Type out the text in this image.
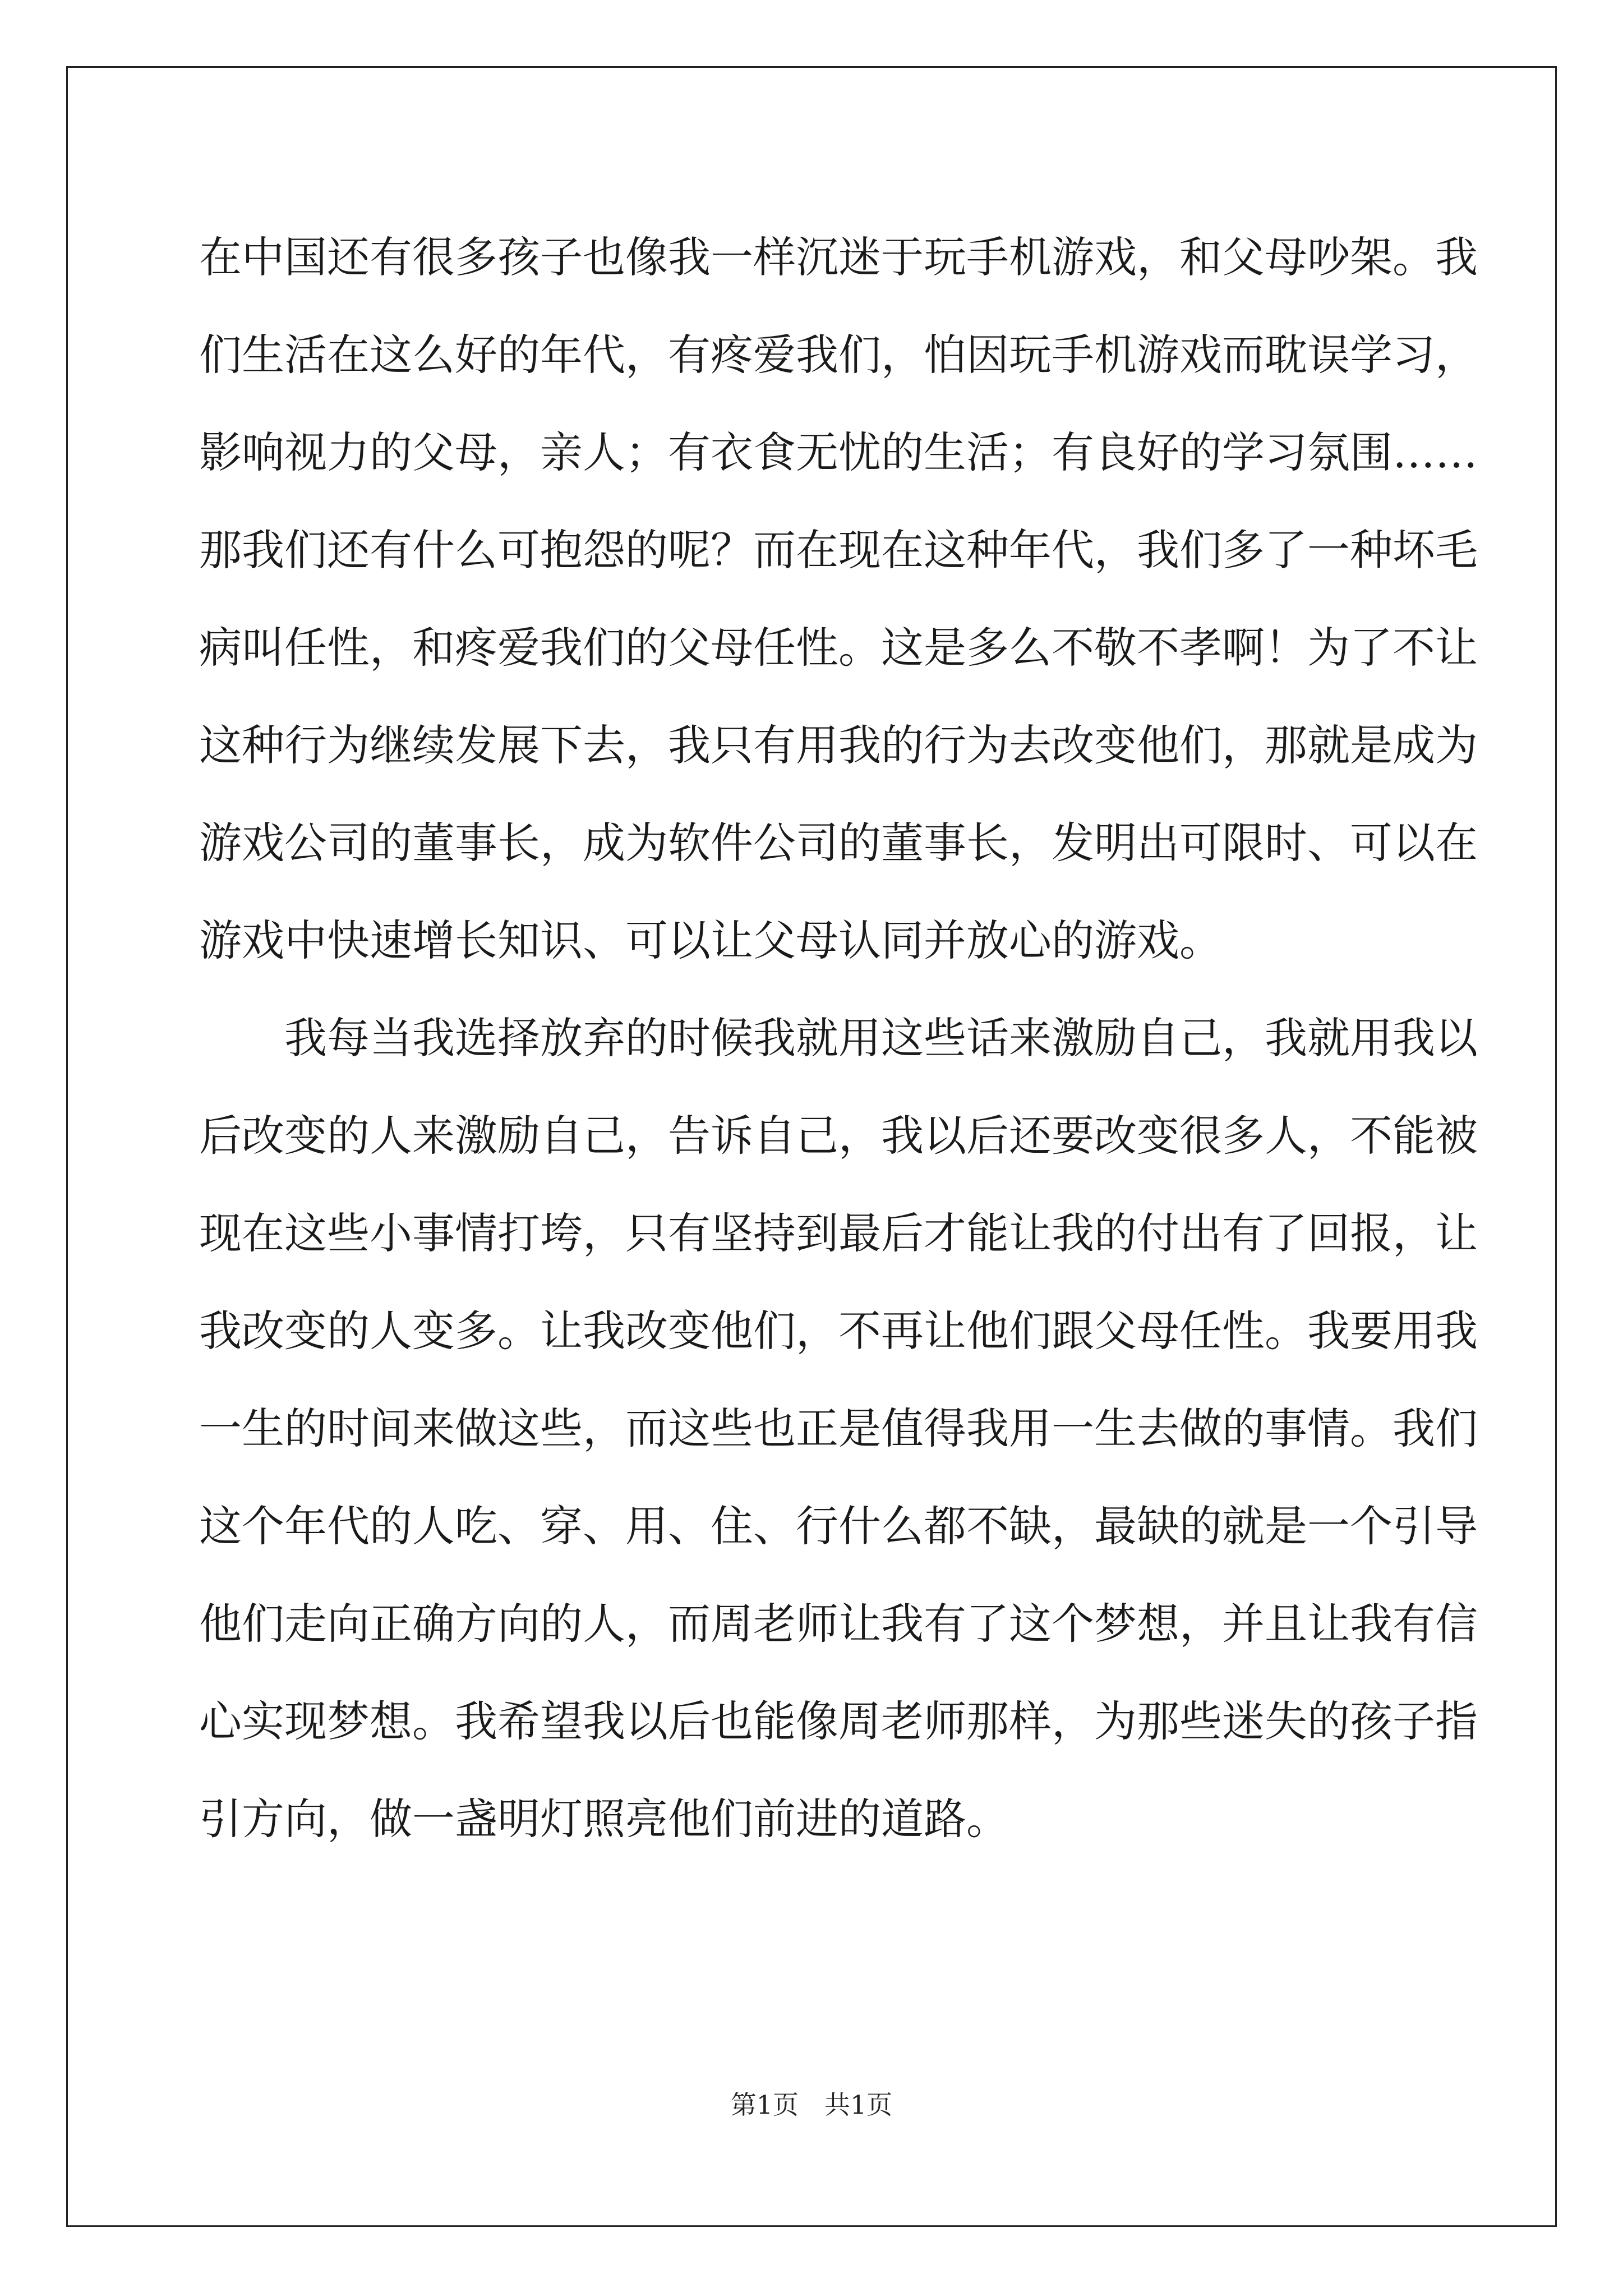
在中国还有很多孩子也像我一样沉迷于玩手机游戏，和父母吵架。我
们生活在这么好的年代，有疼爱我们，怕因玩手机游戏而耽误学习，
影响视力的父母，亲人；有衣食无忧的生活；有良好的学习氛围……
那我们还有什么可抱怨的呢？而在现在这种年代，我们多了一种坏毛
病叫任性，和疼爱我们的父母任性。这是多么不敬不孝啊！为了不让
这种行为继续发展下去，我只有用我的行为去改变他们，那就是成为
游戏公司的董事长，成为软件公司的董事长，发明出可限时、可以在
游戏中快速增长知识、可以让父母认同并放心的游戏。
我每当我选择放弃的时候我就用这些话来激励自己，我就用我以
后改变的人来激励自己，告诉自己，我以后还要改变很多人，不能被
现在这些小事情打垮，只有坚持到最后才能让我的付出有了回报，让
我改变的人变多。让我改变他们，不再让他们跟父母任性。我要用我
一生的时间来做这些，而这些也正是值得我用一生去做的事情。我们
这个年代的人吃、穿、用、住、行什么都不缺，最缺的就是一个引导
他们走向正确方向的人，而周老师让我有了这个梦想，并且让我有信
心实现梦想。我希望我以后也能像周老师那样，为那些迷失的孩子指
引方向，做一盏明灯照亮他们前进的道路。
第1页 共1页
